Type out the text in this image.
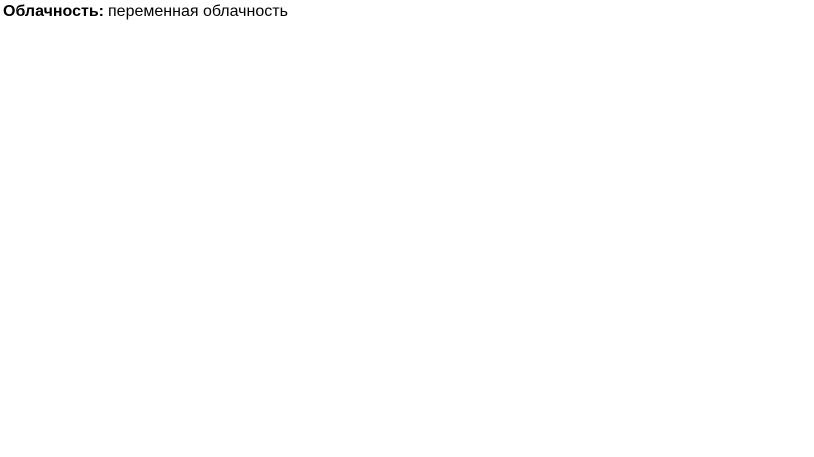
Облачность:	переменная облачность
